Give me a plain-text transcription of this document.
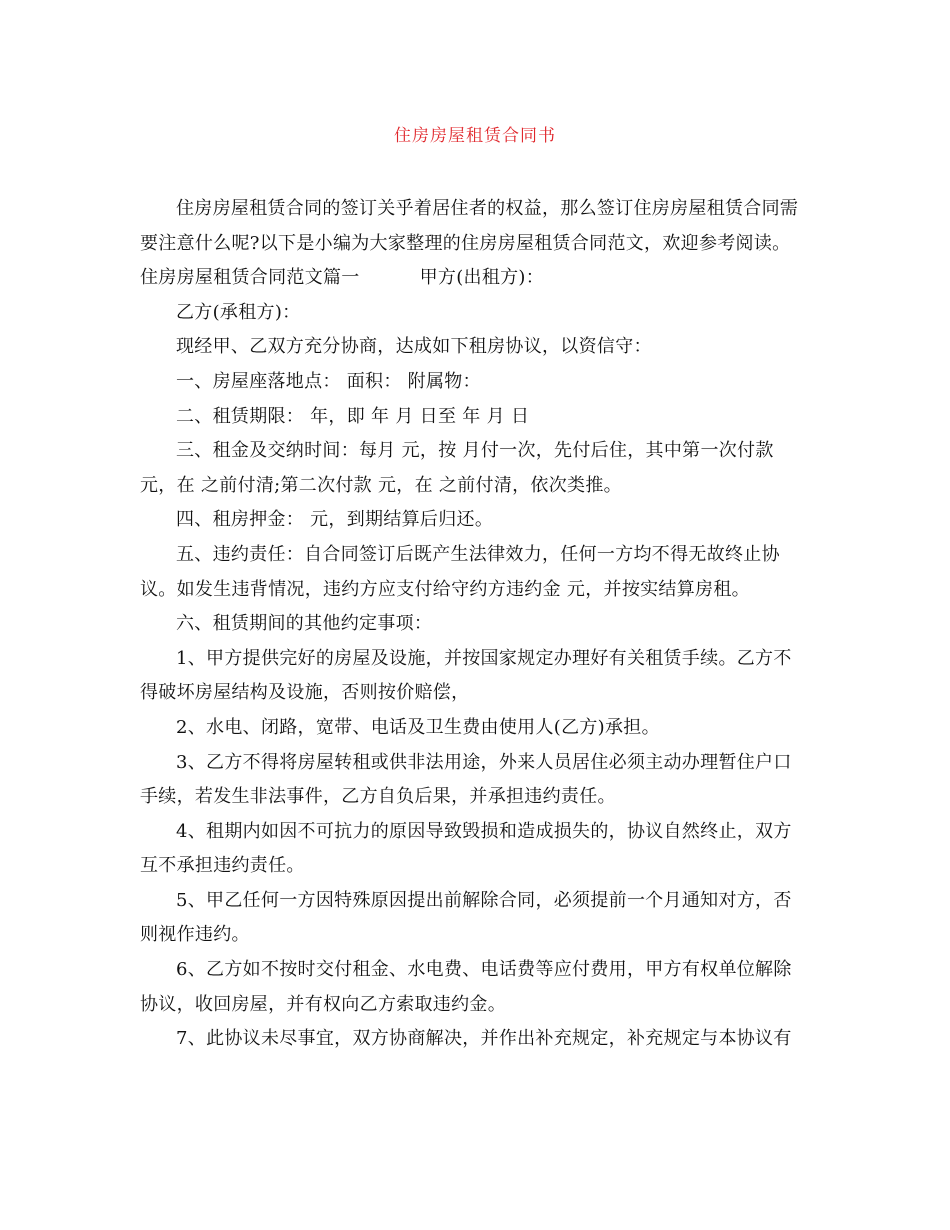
住房房屋租赁合同书

住房房屋租赁合同的签订关乎着居住者的权益，那么签订住房房屋租赁合同需

要注意什么呢?以下是小编为大家整理的住房房屋租赁合同范文，欢迎参考阅读。

住房房屋租赁合同范文篇一	甲方(出租方)：

乙方(承租方)：

现经甲、乙双方充分协商，达成如下租房协议，以资信守：

一、房屋座落地点： 面积： 附属物：

二、租赁期限： 年，即 年 月 日至 年 月 日

三、租金及交纳时间：每月 元，按 月付一次，先付后住，其中第一次付款

元，在 之前付清;第二次付款 元，在 之前付清，依次类推。

四、租房押金： 元，到期结算后归还。

五、违约责任：自合同签订后既产生法律效力，任何一方均不得无故终止协

议。如发生违背情况，违约方应支付给守约方违约金 元，并按实结算房租。

六、租赁期间的其他约定事项：

1、甲方提供完好的房屋及设施，并按国家规定办理好有关租赁手续。乙方不

得破坏房屋结构及设施，否则按价赔偿，

2、水电、闭路，宽带、电话及卫生费由使用人(乙方)承担。

3、乙方不得将房屋转租或供非法用途，外来人员居住必须主动办理暂住户口

手续，若发生非法事件，乙方自负后果，并承担违约责任。

4、租期内如因不可抗力的原因导致毁损和造成损失的，协议自然终止，双方

互不承担违约责任。

5、甲乙任何一方因特殊原因提出前解除合同，必须提前一个月通知对方，否

则视作违约。

6、乙方如不按时交付租金、水电费、电话费等应付费用，甲方有权单位解除

协议，收回房屋，并有权向乙方索取违约金。

7、此协议未尽事宜，双方协商解决，并作出补充规定，补充规定与本协议有
